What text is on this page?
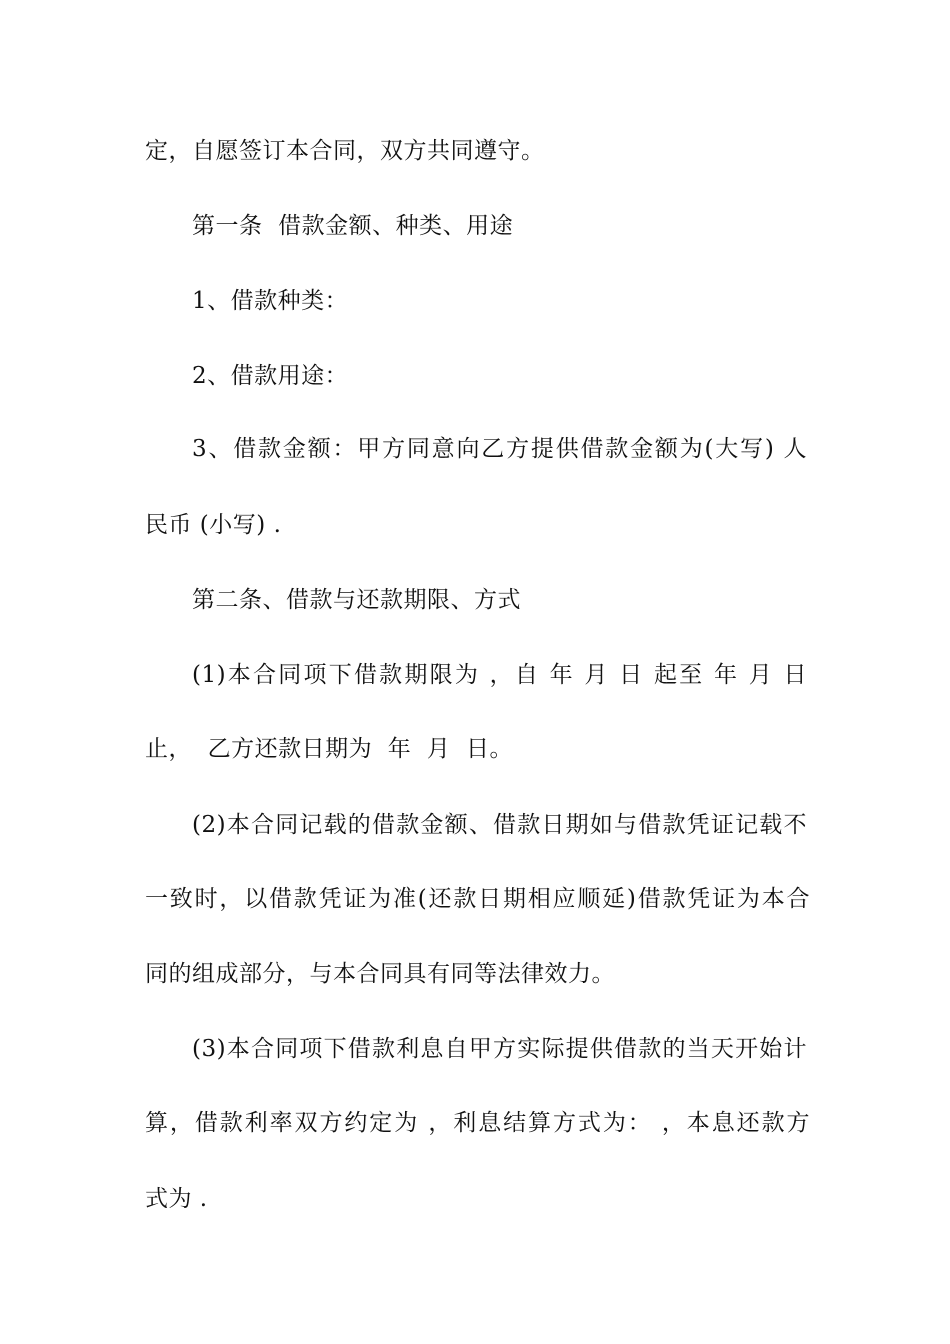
定，自愿签订本合同，双方共同遵守。
第一条  借款金额、种类、用途
1、借款种类：
2、借款用途：
3、借款金额：甲方同意向乙方提供借款金额为(大写) 人
民币 (小写) .
第二条、借款与还款期限、方式
(1)本合同项下借款期限为 ，自 年 月 日 起至 年 月 日
止，  乙方还款日期为  年  月  日。
(2)本合同记载的借款金额、借款日期如与借款凭证记载不
一致时，以借款凭证为准(还款日期相应顺延)借款凭证为本合
同的组成部分，与本合同具有同等法律效力。
(3)本合同项下借款利息自甲方实际提供借款的当天开始计
算，借款利率双方约定为 ，利息结算方式为： ，本息还款方
式为 .
